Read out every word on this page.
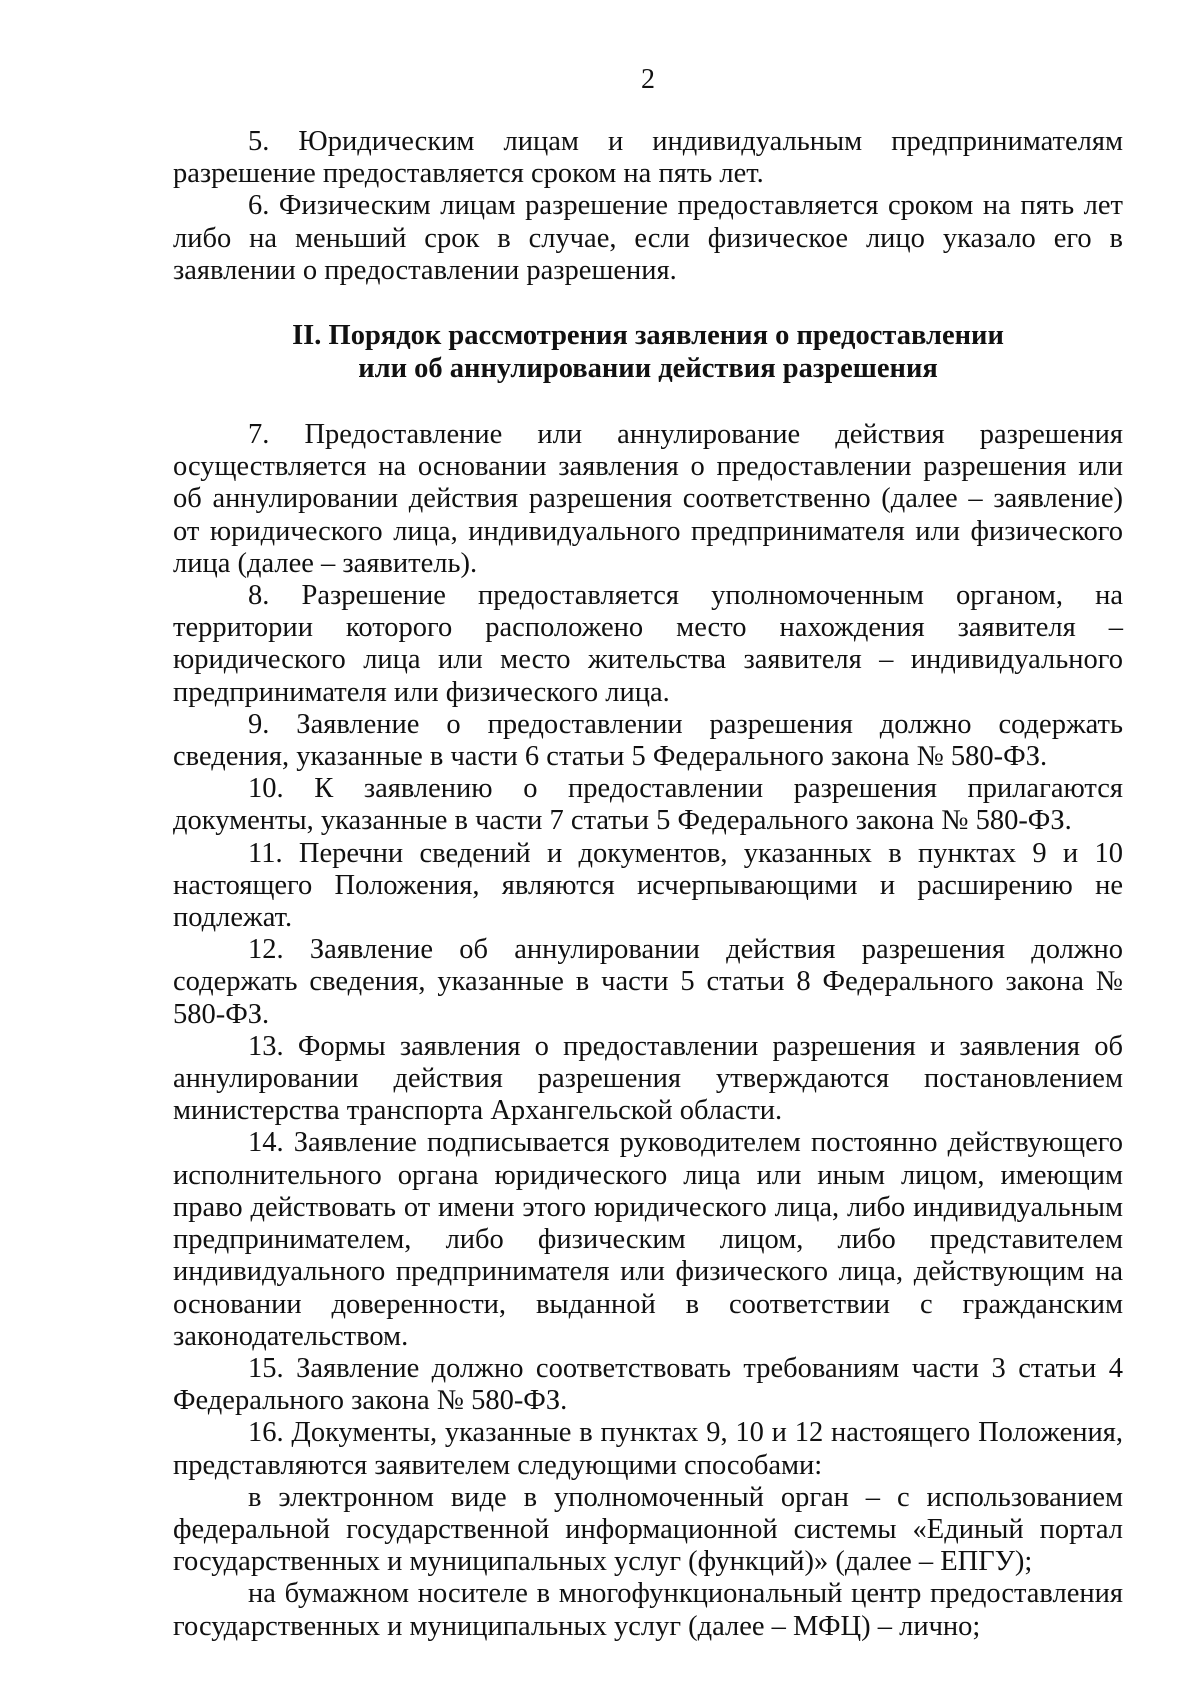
2

5. Юридическим лицам и индивидуальным предпринимателям разрешение предоставляется сроком на пять лет.

6. Физическим лицам разрешение предоставляется сроком на пять лет либо на меньший срок в случае, если физическое лицо указало его в заявлении о предоставлении разрешения.

II. Порядок рассмотрения заявления о предоставлении
или об аннулировании действия разрешения

7. Предоставление или аннулирование действия разрешения осуществляется на основании заявления о предоставлении разрешения или об аннулировании действия разрешения соответственно (далее – заявление) от юридического лица, индивидуального предпринимателя или физического лица (далее – заявитель).

8. Разрешение предоставляется уполномоченным органом, на территории которого расположено место нахождения заявителя – юридического лица или место жительства заявителя – индивидуального предпринимателя или физического лица.

9. Заявление о предоставлении разрешения должно содержать сведения, указанные в части 6 статьи 5 Федерального закона № 580-ФЗ.

10. К заявлению о предоставлении разрешения прилагаются документы, указанные в части 7 статьи 5 Федерального закона № 580-ФЗ.

11. Перечни сведений и документов, указанных в пунктах 9 и 10 настоящего Положения, являются исчерпывающими и расширению не подлежат.

12. Заявление об аннулировании действия разрешения должно содержать сведения, указанные в части 5 статьи 8 Федерального закона № 580-ФЗ.

13. Формы заявления о предоставлении разрешения и заявления об аннулировании действия разрешения утверждаются постановлением министерства транспорта Архангельской области.

14. Заявление подписывается руководителем постоянно действующего исполнительного органа юридического лица или иным лицом, имеющим право действовать от имени этого юридического лица, либо индивидуальным предпринимателем, либо физическим лицом, либо представителем индивидуального предпринимателя или физического лица, действующим на основании доверенности, выданной в соответствии с гражданским законодательством.

15. Заявление должно соответствовать требованиям части 3 статьи 4 Федерального закона № 580-ФЗ.

16. Документы, указанные в пунктах 9, 10 и 12 настоящего Положения, представляются заявителем следующими способами:

в электронном виде в уполномоченный орган – с использованием федеральной государственной информационной системы «Единый портал государственных и муниципальных услуг (функций)» (далее – ЕПГУ);

на бумажном носителе в многофункциональный центр предоставления государственных и муниципальных услуг (далее – МФЦ) – лично;
